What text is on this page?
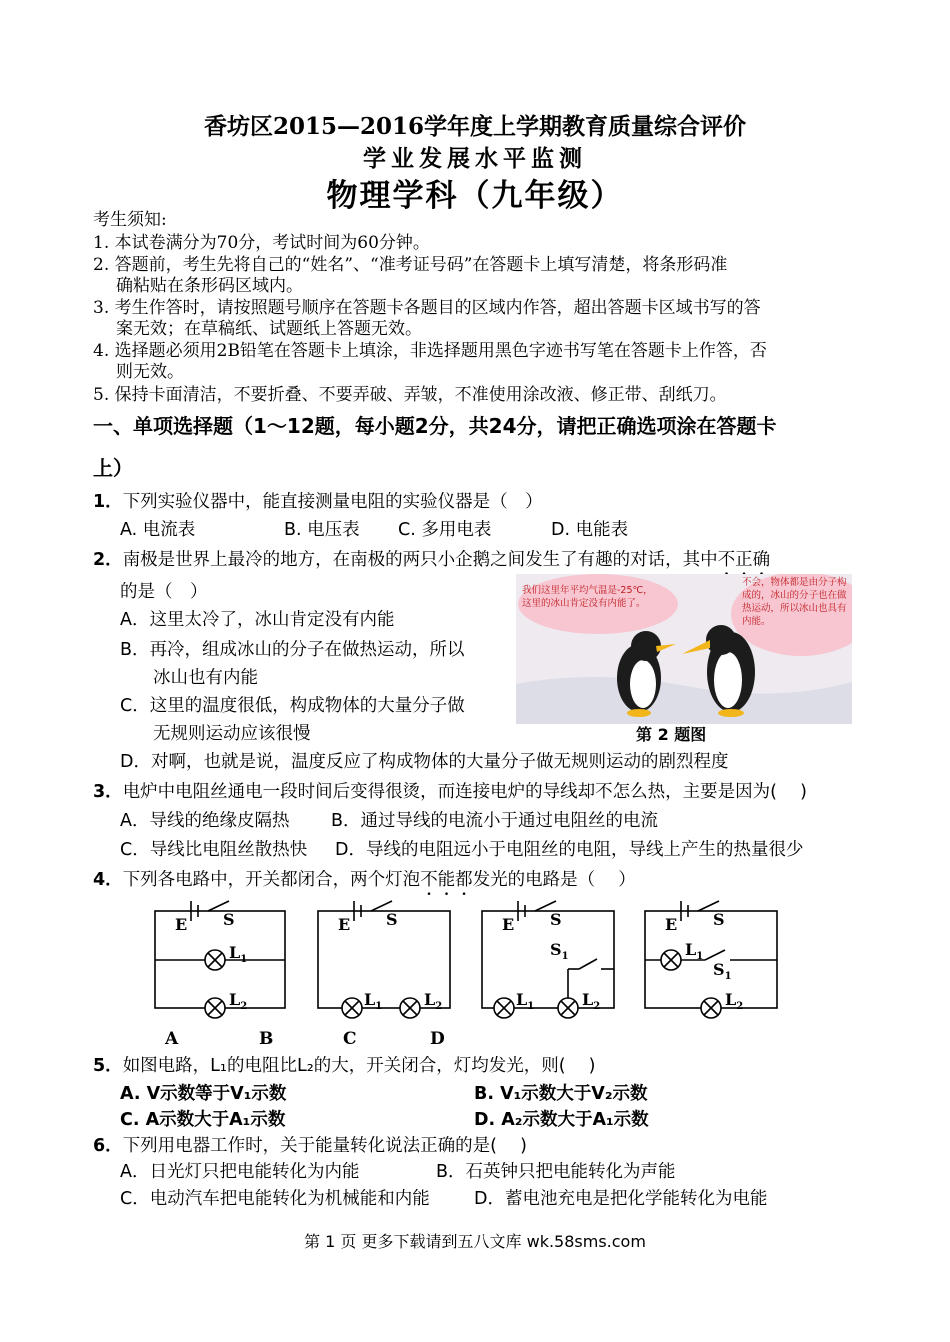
香坊区2015—2016学年度上学期教育质量综合评价
学业发展水平监测
物理学科（九年级）
考生须知:
1. 本试卷满分为70分，考试时间为60分钟。
2. 答题前，考生先将自己的“姓名”、“准考证号码”在答题卡上填写清楚，将条形码准
确粘贴在条形码区域内。
3. 考生作答时，请按照题号顺序在答题卡各题目的区域内作答，超出答题卡区域书写的答
案无效；在草稿纸、试题纸上答题无效。
4. 选择题必须用2B铅笔在答题卡上填涂，非选择题用黑色字迹书写笔在答题卡上作答，否
则无效。
5. 保持卡面清洁，不要折叠、不要弄破、弄皱，不准使用涂改液、修正带、刮纸刀。
一、单项选择题（1～12题，每小题2分，共24分，请把正确选项涂在答题卡
上）
1．下列实验仪器中，能直接测量电阻的实验仪器是（　）
A. 电流表	B. 电压表 C. 多用电表	D. 电能表
2．南极是世界上最冷的地方，在南极的两只小企鹅之间发生了有趣的对话，其中不正确
的是（　）
A．这里太冷了，冰山肯定没有内能
B．再冷，组成冰山的分子在做热运动，所以
冰山也有内能
C．这里的温度很低，构成物体的大量分子做
无规则运动应该很慢
D．对啊，也就是说，温度反应了构成物体的大量分子做无规则运动的剧烈程度
我们这里年平均气温是-25℃，这里的冰山肯定没有内能了。
不会，物体都是由分子构成的，冰山的分子也在做热运动，所以冰山也具有内能。
第 2 题图
3．电炉中电阻丝通电一段时间后变得很烫，而连接电炉的导线却不怎么热，主要是因为( 　)
A．导线的绝缘皮隔热 B．通过导线的电流小于通过电阻丝的电流
C．导线比电阻丝散热快 D．导线的电阻远小于电阻丝的电阻，导线上产生的热量很少
4．下列各电路中，开关都闭合，两个灯泡不能都发光的电路是（　 ）
E S
$L_1$
$L_2$
E S
$L_1$	$L_2$
E S
$S_1$
$L_1$	$L_2$
E S
$L_1$
$S_1$
$L_2$
A	B	C	D
5．如图电路，L₁的电阻比L₂的大，开关闭合，灯均发光，则(　 )
A. V示数等于V₁示数	B. V₁示数大于V₂示数
C. A示数大于A₁示数	D. A₂示数大于A₁示数
6．下列用电器工作时，关于能量转化说法正确的是(　 )
A．日光灯只把电能转化为内能	B．石英钟只把电能转化为声能
C．电动汽车把电能转化为机械能和内能	D．蓄电池充电是把化学能转化为电能
第 1 页 更多下载请到五八文库 wk.58sms.com
